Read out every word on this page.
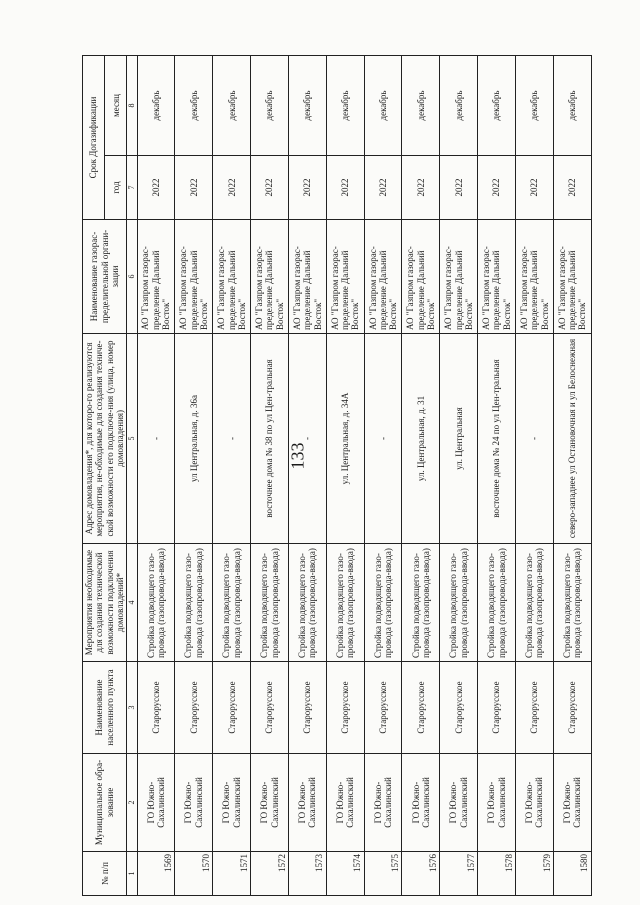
133
№ п/п	Муниципальное обра-зование	Наименование населенного пункта	Мероприятия необходимые для создания технической возможности подключения домовладений*	Адрес домовладения*, для которо-го реализуются мероприятия, не-обходимые для создания техниче-ской возможности его подключе-ния (улица, номер домовладения)	Наименование газорас-пределительной органи-зации	Срок Догазификации	
						год	месяц
1	2	3	4	5	6	7	8
1569	ГО Южно-Сахалинский	Старорусское	Стройка подводящего газо-провода (газопровода-ввода)	-	АО "Газпром газорас-пределение Дальний Восток"	2022	декабрь
1570	ГО Южно-Сахалинский	Старорусское	Стройка подводящего газо-провода (газопровода-ввода)	ул Центральная, д. 36а	АО "Газпром газорас-пределение Дальний Восток"	2022	декабрь
1571	ГО Южно-Сахалинский	Старорусское	Стройка подводящего газо-провода (газопровода-ввода)	-	АО "Газпром газорас-пределение Дальний Восток"	2022	декабрь
1572	ГО Южно-Сахалинский	Старорусское	Стройка подводящего газо-провода (газопровода-ввода)	восточнее дома № 38 по ул Цен-тральная	АО "Газпром газорас-пределение Дальний Восток"	2022	декабрь
1573	ГО Южно-Сахалинский	Старорусское	Стройка подводящего газо-провода (газопровода-ввода)	-	АО "Газпром газорас-пределение Дальний Восток"	2022	декабрь
1574	ГО Южно-Сахалинский	Старорусское	Стройка подводящего газо-провода (газопровода-ввода)	ул. Центральная, д. 34А	АО "Газпром газорас-пределение Дальний Восток"	2022	декабрь
1575	ГО Южно-Сахалинский	Старорусское	Стройка подводящего газо-провода (газопровода-ввода)	-	АО "Газпром газорас-пределение Дальний Восток"	2022	декабрь
1576	ГО Южно-Сахалинский	Старорусское	Стройка подводящего газо-провода (газопровода-ввода)	ул. Центральная, д. 31	АО "Газпром газорас-пределение Дальний Восток"	2022	декабрь
1577	ГО Южно-Сахалинский	Старорусское	Стройка подводящего газо-провода (газопровода-ввода)	ул. Центральная	АО "Газпром газорас-пределение Дальний Восток"	2022	декабрь
1578	ГО Южно-Сахалинский	Старорусское	Стройка подводящего газо-провода (газопровода-ввода)	восточнее дома № 24 по ул Цен-тральная	АО "Газпром газорас-пределение Дальний Восток"	2022	декабрь
1579	ГО Южно-Сахалинский	Старорусское	Стройка подводящего газо-провода (газопровода-ввода)	-	АО "Газпром газорас-пределение Дальний Восток"	2022	декабрь
1580	ГО Южно-Сахалинский	Старорусское	Стройка подводящего газо-провода (газопровода-ввода)	северо-западнее ул Остановочная и ул Белоснежная	АО "Газпром газорас-пределение Дальний Восток"	2022	декабрь
